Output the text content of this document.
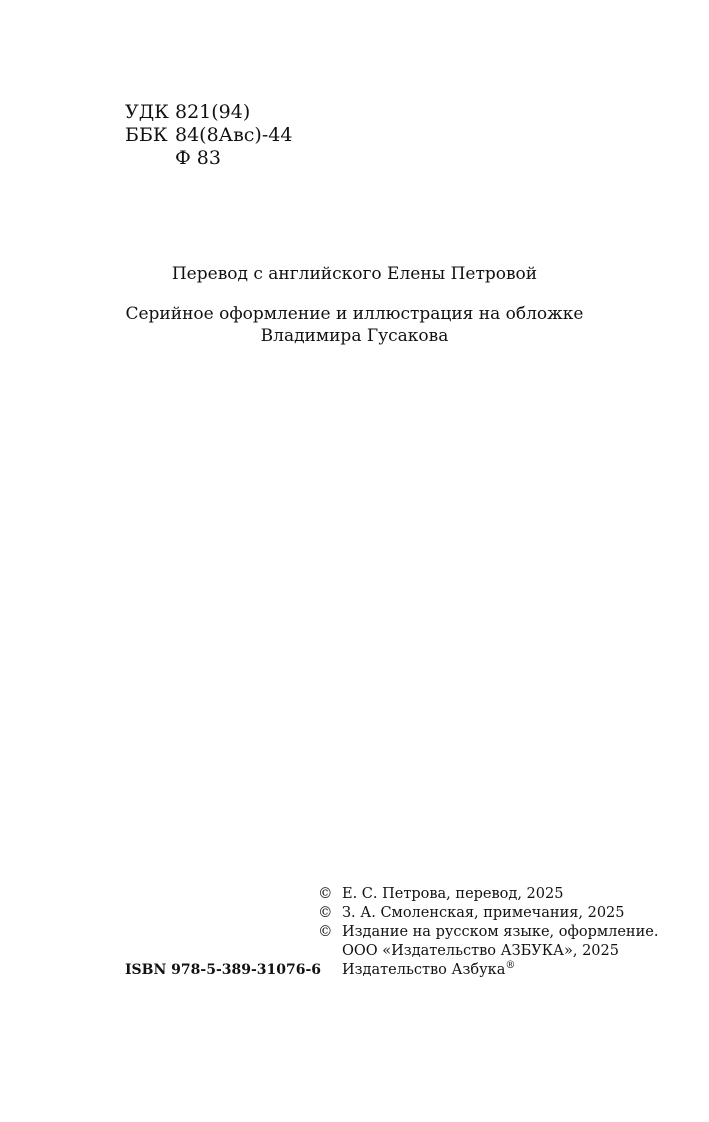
УДК 821(94)
ББК 84(8Авс)-44
Ф 83
Перевод с английского Елены Петровой
Серийное оформление и иллюстрация на обложке
Владимира Гусакова
© Е. С. Петрова, перевод, 2025
© З. А. Смоленская, примечания, 2025
© Издание на русском языке, оформление.
ООО «Издательство АЗБУКА», 2025
Издательство Азбука®
ISBN 978-5-389-31076-6
